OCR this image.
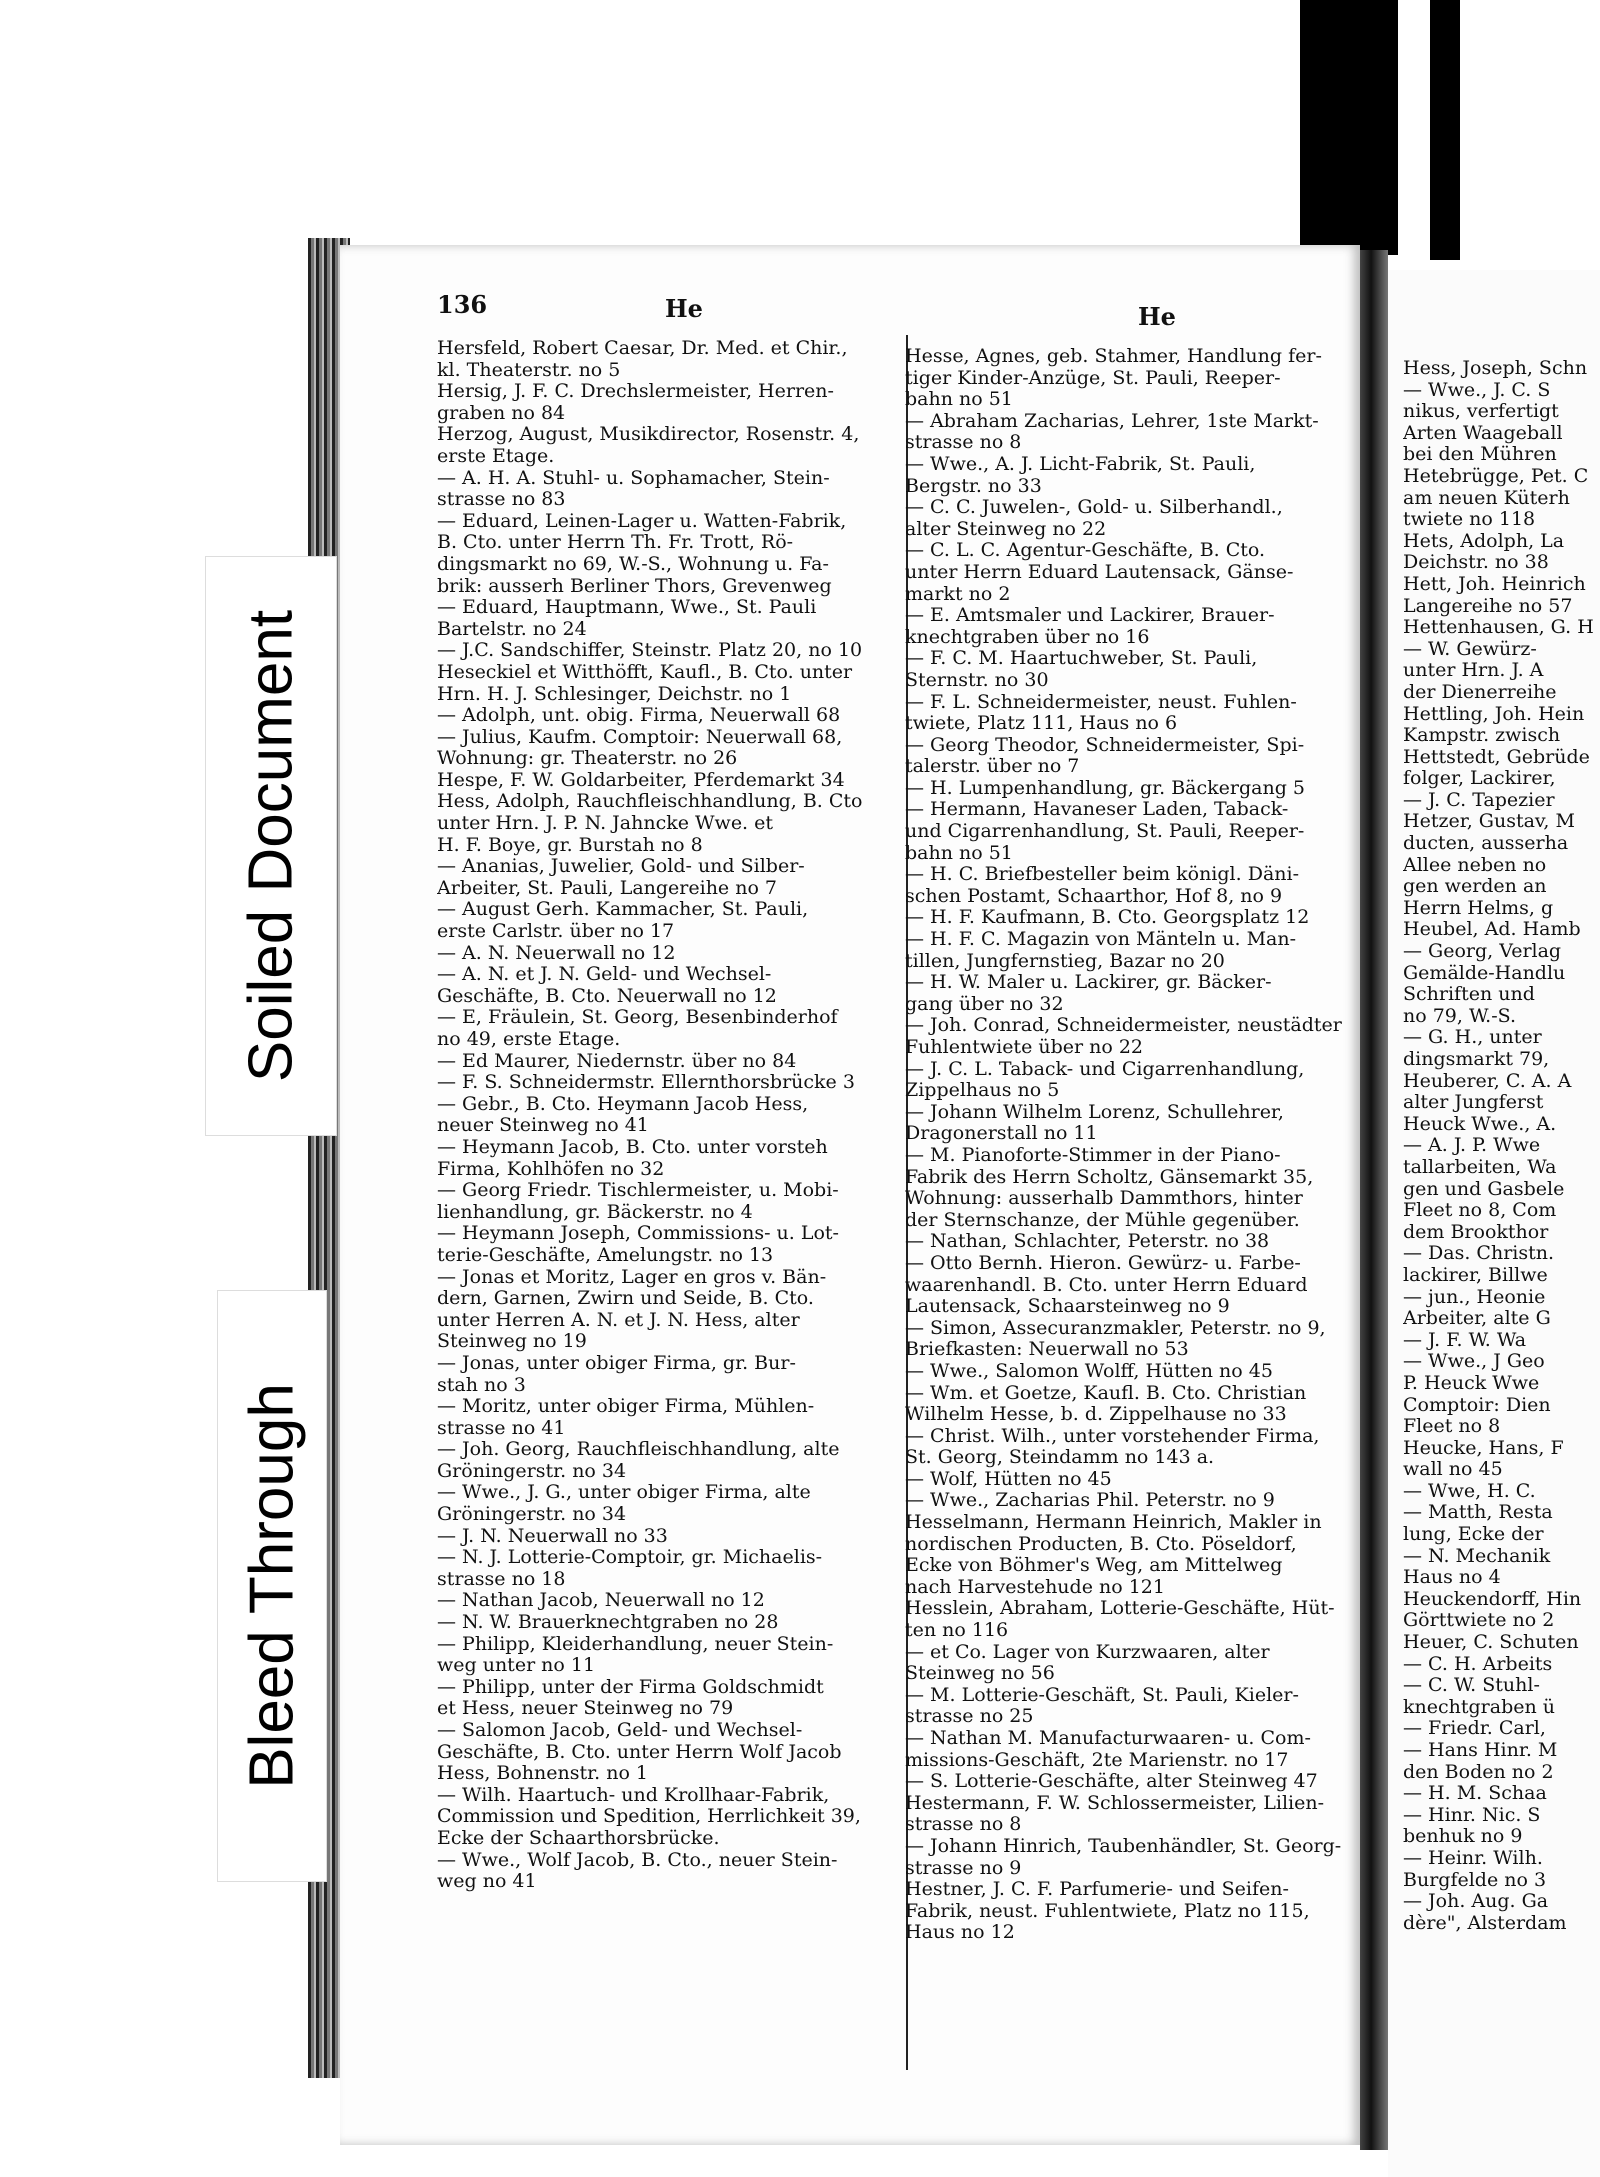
Soiled Document
Bleed Through
Hess, Joseph, Schn
— Wwe., J. C. S
nikus, verfertigt
Arten Waageball
bei den Mühren
Hetebrügge, Pet. C
am neuen Küterh
twiete no 118
Hets, Adolph, La
Deichstr. no 38
Hett, Joh. Heinrich
Langereihe no 57
Hettenhausen, G. H
— W. Gewürz-
unter Hrn. J. A
der Dienerreihe
Hettling, Joh. Hein
Kampstr. zwisch
Hettstedt, Gebrüde
folger, Lackirer,
— J. C. Tapezier
Hetzer, Gustav, M
ducten, ausserha
Allee neben no
gen werden an
Herrn Helms, g
Heubel, Ad. Hamb
— Georg, Verlag
Gemälde-Handlu
Schriften und
no 79, W.-S.
— G. H., unter
dingsmarkt 79,
Heuberer, C. A. A
alter Jungferst
Heuck Wwe., A.
— A. J. P. Wwe
tallarbeiten, Wa
gen und Gasbele
Fleet no 8, Com
dem Brookthor
— Das. Christn.
lackirer, Billwe
— jun., Heonie
Arbeiter, alte G
— J. F. W. Wa
— Wwe., J Geo
P. Heuck Wwe
Comptoir: Dien
Fleet no 8
Heucke, Hans, F
wall no 45
— Wwe, H. C.
— Matth, Resta
lung, Ecke der
— N. Mechanik
Haus no 4
Heuckendorff, Hin
Görttwiete no 2
Heuer, C. Schuten
— C. H. Arbeits
— C. W. Stuhl-
knechtgraben ü
— Friedr. Carl,
— Hans Hinr. M
den Boden no 2
— H. M. Schaa
— Hinr. Nic. S
benhuk no 9
— Heinr. Wilh.
Burgfelde no 3
— Joh. Aug. Ga
dère", Alsterdam
136	He	He
Hersfeld, Robert Caesar, Dr. Med. et Chir.,
kl. Theaterstr. no 5
Hersig, J. F. C. Drechslermeister, Herren-
graben no 84
Herzog, August, Musikdirector, Rosenstr. 4,
erste Etage.
— A. H. A. Stuhl- u. Sophamacher, Stein-
strasse no 83
— Eduard, Leinen-Lager u. Watten-Fabrik,
B. Cto. unter Herrn Th. Fr. Trott, Rö-
dingsmarkt no 69, W.-S., Wohnung u. Fa-
brik: ausserh Berliner Thors, Grevenweg
— Eduard, Hauptmann, Wwe., St. Pauli
Bartelstr. no 24
— J.C. Sandschiffer, Steinstr. Platz 20, no 10
Heseckiel et Witthöfft, Kaufl., B. Cto. unter
Hrn. H. J. Schlesinger, Deichstr. no 1
— Adolph, unt. obig. Firma, Neuerwall 68
— Julius, Kaufm. Comptoir: Neuerwall 68,
Wohnung: gr. Theaterstr. no 26
Hespe, F. W. Goldarbeiter, Pferdemarkt 34
Hess, Adolph, Rauchfleischhandlung, B. Cto
unter Hrn. J. P. N. Jahncke Wwe. et
H. F. Boye, gr. Burstah no 8
— Ananias, Juwelier, Gold- und Silber-
Arbeiter, St. Pauli, Langereihe no 7
— August Gerh. Kammacher, St. Pauli,
erste Carlstr. über no 17
— A. N. Neuerwall no 12
— A. N. et J. N. Geld- und Wechsel-
Geschäfte, B. Cto. Neuerwall no 12
— E, Fräulein, St. Georg, Besenbinderhof
no 49, erste Etage.
— Ed Maurer, Niedernstr. über no 84
— F. S. Schneidermstr. Ellernthorsbrücke 3
— Gebr., B. Cto. Heymann Jacob Hess,
neuer Steinweg no 41
— Heymann Jacob, B. Cto. unter vorsteh
Firma, Kohlhöfen no 32
— Georg Friedr. Tischlermeister, u. Mobi-
lienhandlung, gr. Bäckerstr. no 4
— Heymann Joseph, Commissions- u. Lot-
terie-Geschäfte, Amelungstr. no 13
— Jonas et Moritz, Lager en gros v. Bän-
dern, Garnen, Zwirn und Seide, B. Cto.
unter Herren A. N. et J. N. Hess, alter
Steinweg no 19
— Jonas, unter obiger Firma, gr. Bur-
stah no 3
— Moritz, unter obiger Firma, Mühlen-
strasse no 41
— Joh. Georg, Rauchfleischhandlung, alte
Gröningerstr. no 34
— Wwe., J. G., unter obiger Firma, alte
Gröningerstr. no 34
— J. N. Neuerwall no 33
— N. J. Lotterie-Comptoir, gr. Michaelis-
strasse no 18
— Nathan Jacob, Neuerwall no 12
— N. W. Brauerknechtgraben no 28
— Philipp, Kleiderhandlung, neuer Stein-
weg unter no 11
— Philipp, unter der Firma Goldschmidt
et Hess, neuer Steinweg no 79
— Salomon Jacob, Geld- und Wechsel-
Geschäfte, B. Cto. unter Herrn Wolf Jacob
Hess, Bohnenstr. no 1
— Wilh. Haartuch- und Krollhaar-Fabrik,
Commission und Spedition, Herrlichkeit 39,
Ecke der Schaarthorsbrücke.
— Wwe., Wolf Jacob, B. Cto., neuer Stein-
weg no 41
Hesse, Agnes, geb. Stahmer, Handlung fer-
tiger Kinder-Anzüge, St. Pauli, Reeper-
bahn no 51
— Abraham Zacharias, Lehrer, 1ste Markt-
strasse no 8
— Wwe., A. J. Licht-Fabrik, St. Pauli,
Bergstr. no 33
— C. C. Juwelen-, Gold- u. Silberhandl.,
alter Steinweg no 22
— C. L. C. Agentur-Geschäfte, B. Cto.
unter Herrn Eduard Lautensack, Gänse-
markt no 2
— E. Amtsmaler und Lackirer, Brauer-
knechtgraben über no 16
— F. C. M. Haartuchweber, St. Pauli,
Sternstr. no 30
— F. L. Schneidermeister, neust. Fuhlen-
twiete, Platz 111, Haus no 6
— Georg Theodor, Schneidermeister, Spi-
talerstr. über no 7
— H. Lumpenhandlung, gr. Bäckergang 5
— Hermann, Havaneser Laden, Taback-
und Cigarrenhandlung, St. Pauli, Reeper-
bahn no 51
— H. C. Briefbesteller beim königl. Däni-
schen Postamt, Schaarthor, Hof 8, no 9
— H. F. Kaufmann, B. Cto. Georgsplatz 12
— H. F. C. Magazin von Mänteln u. Man-
tillen, Jungfernstieg, Bazar no 20
— H. W. Maler u. Lackirer, gr. Bäcker-
gang über no 32
— Joh. Conrad, Schneidermeister, neustädter
Fuhlentwiete über no 22
— J. C. L. Taback- und Cigarrenhandlung,
Zippelhaus no 5
— Johann Wilhelm Lorenz, Schullehrer,
Dragonerstall no 11
— M. Pianoforte-Stimmer in der Piano-
Fabrik des Herrn Scholtz, Gänsemarkt 35,
Wohnung: ausserhalb Dammthors, hinter
der Sternschanze, der Mühle gegenüber.
— Nathan, Schlachter, Peterstr. no 38
— Otto Bernh. Hieron. Gewürz- u. Farbe-
waarenhandl. B. Cto. unter Herrn Eduard
Lautensack, Schaarsteinweg no 9
— Simon, Assecuranzmakler, Peterstr. no 9,
Briefkasten: Neuerwall no 53
— Wwe., Salomon Wolff, Hütten no 45
— Wm. et Goetze, Kaufl. B. Cto. Christian
Wilhelm Hesse, b. d. Zippelhause no 33
— Christ. Wilh., unter vorstehender Firma,
St. Georg, Steindamm no 143 a.
— Wolf, Hütten no 45
— Wwe., Zacharias Phil. Peterstr. no 9
Hesselmann, Hermann Heinrich, Makler in
nordischen Producten, B. Cto. Pöseldorf,
Ecke von Böhmer's Weg, am Mittelweg
nach Harvestehude no 121
Hesslein, Abraham, Lotterie-Geschäfte, Hüt-
ten no 116
— et Co. Lager von Kurzwaaren, alter
Steinweg no 56
— M. Lotterie-Geschäft, St. Pauli, Kieler-
strasse no 25
— Nathan M. Manufacturwaaren- u. Com-
missions-Geschäft, 2te Marienstr. no 17
— S. Lotterie-Geschäfte, alter Steinweg 47
Hestermann, F. W. Schlossermeister, Lilien-
strasse no 8
— Johann Hinrich, Taubenhändler, St. Georg-
strasse no 9
Hestner, J. C. F. Parfumerie- und Seifen-
Fabrik, neust. Fuhlentwiete, Platz no 115,
Haus no 12
